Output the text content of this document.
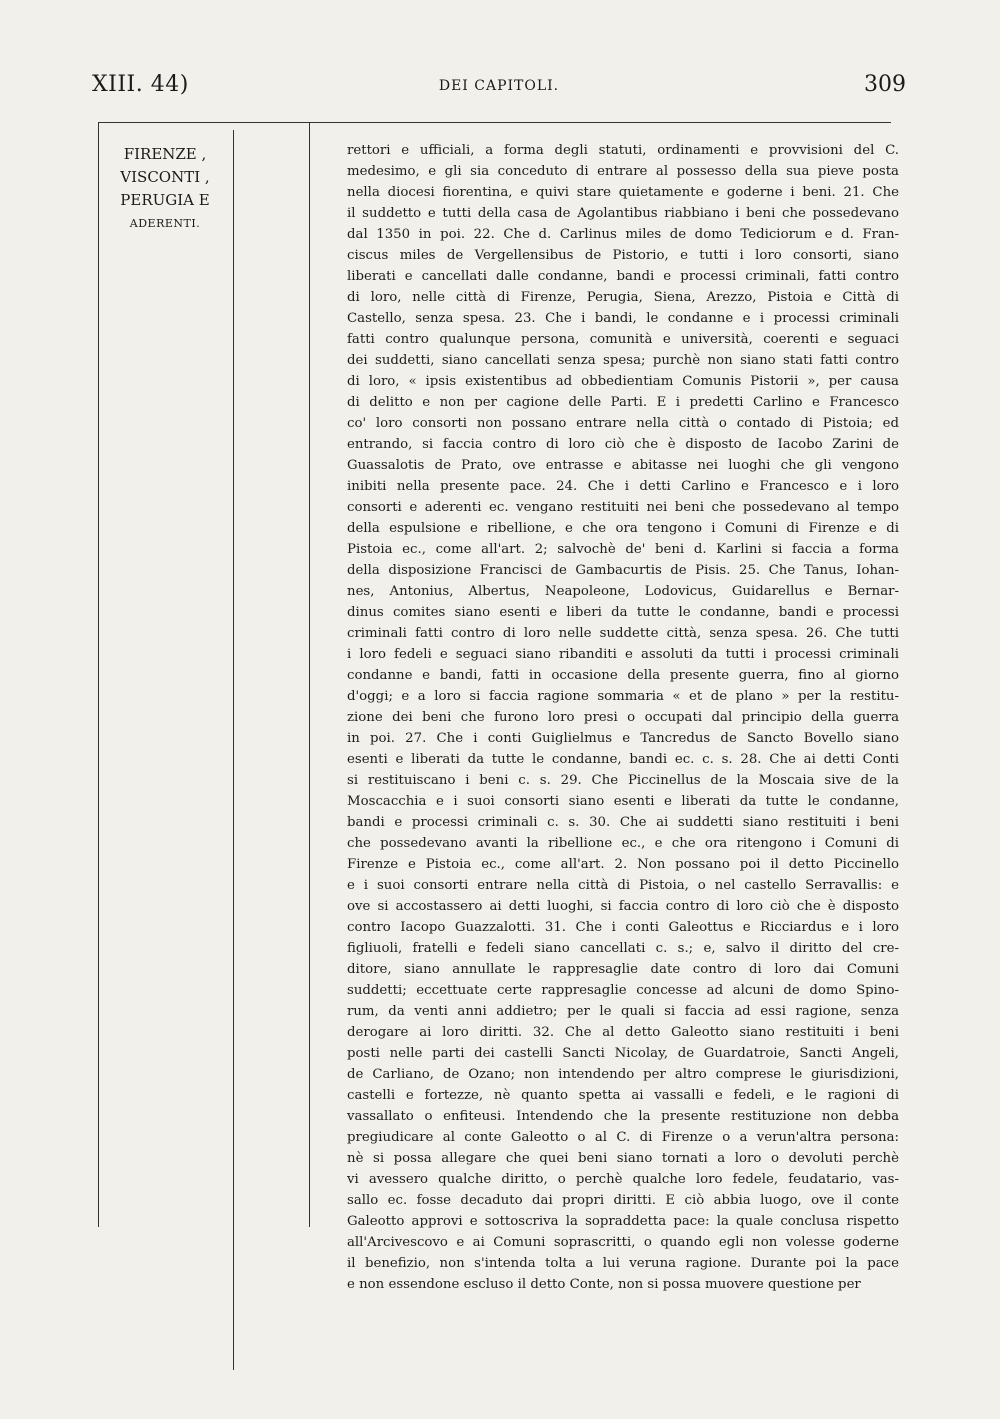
XIII. 44)	DEI CAPITOLI.	309
FIRENZE ,
VISCONTI ,
PERUGIA E
ADERENTI.
rettori e ufficiali, a forma degli statuti, ordinamenti e provvisioni del C.
medesimo, e gli sia conceduto di entrare al possesso della sua pieve posta
nella diocesi fiorentina, e quivi stare quietamente e goderne i beni. 21. Che
il suddetto e tutti della casa de Agolantibus riabbiano i beni che possedevano
dal 1350 in poi. 22. Che d. Carlinus miles de domo Tediciorum e d. Fran-
ciscus miles de Vergellensibus de Pistorio, e tutti i loro consorti, siano
liberati e cancellati dalle condanne, bandi e processi criminali, fatti contro
di loro, nelle città di Firenze, Perugia, Siena, Arezzo, Pistoia e Città di
Castello, senza spesa. 23. Che i bandi, le condanne e i processi criminali
fatti contro qualunque persona, comunità e università, coerenti e seguaci
dei suddetti, siano cancellati senza spesa; purchè non siano stati fatti contro
di loro, « ipsis existentibus ad obbedientiam Comunis Pistorii », per causa
di delitto e non per cagione delle Parti. E i predetti Carlino e Francesco
co' loro consorti non possano entrare nella città o contado di Pistoia; ed
entrando, si faccia contro di loro ciò che è disposto de Iacobo Zarini de
Guassalotis de Prato, ove entrasse e abitasse nei luoghi che gli vengono
inibiti nella presente pace. 24. Che i detti Carlino e Francesco e i loro
consorti e aderenti ec. vengano restituiti nei beni che possedevano al tempo
della espulsione e ribellione, e che ora tengono i Comuni di Firenze e di
Pistoia ec., come all'art. 2; salvochè de' beni d. Karlini si faccia a forma
della disposizione Francisci de Gambacurtis de Pisis. 25. Che Tanus, Iohan-
nes, Antonius, Albertus, Neapoleone, Lodovicus, Guidarellus e Bernar-
dinus comites siano esenti e liberi da tutte le condanne, bandi e processi
criminali fatti contro di loro nelle suddette città, senza spesa. 26. Che tutti
i loro fedeli e seguaci siano ribanditi e assoluti da tutti i processi criminali
condanne e bandi, fatti in occasione della presente guerra, fino al giorno
d'oggi; e a loro si faccia ragione sommaria « et de plano » per la restitu-
zione dei beni che furono loro presi o occupati dal principio della guerra
in poi. 27. Che i conti Guiglielmus e Tancredus de Sancto Bovello siano
esenti e liberati da tutte le condanne, bandi ec. c. s. 28. Che ai detti Conti
si restituiscano i beni c. s. 29. Che Piccinellus de la Moscaia sive de la
Moscacchia e i suoi consorti siano esenti e liberati da tutte le condanne,
bandi e processi criminali c. s. 30. Che ai suddetti siano restituiti i beni
che possedevano avanti la ribellione ec., e che ora ritengono i Comuni di
Firenze e Pistoia ec., come all'art. 2. Non possano poi il detto Piccinello
e i suoi consorti entrare nella città di Pistoia, o nel castello Serravallis: e
ove si accostassero ai detti luoghi, si faccia contro di loro ciò che è disposto
contro Iacopo Guazzalotti. 31. Che i conti Galeottus e Ricciardus e i loro
figliuoli, fratelli e fedeli siano cancellati c. s.; e, salvo il diritto del cre-
ditore, siano annullate le rappresaglie date contro di loro dai Comuni
suddetti; eccettuate certe rappresaglie concesse ad alcuni de domo Spino-
rum, da venti anni addietro; per le quali si faccia ad essi ragione, senza
derogare ai loro diritti. 32. Che al detto Galeotto siano restituiti i beni
posti nelle parti dei castelli Sancti Nicolay, de Guardatroie, Sancti Angeli,
de Carliano, de Ozano; non intendendo per altro comprese le giurisdizioni,
castelli e fortezze, nè quanto spetta ai vassalli e fedeli, e le ragioni di
vassallato o enfiteusi. Intendendo che la presente restituzione non debba
pregiudicare al conte Galeotto o al C. di Firenze o a verun'altra persona:
nè si possa allegare che quei beni siano tornati a loro o devoluti perchè
vi avessero qualche diritto, o perchè qualche loro fedele, feudatario, vas-
sallo ec. fosse decaduto dai propri diritti. E ciò abbia luogo, ove il conte
Galeotto approvi e sottoscriva la sopraddetta pace: la quale conclusa rispetto
all'Arcivescovo e ai Comuni soprascritti, o quando egli non volesse goderne
il benefizio, non s'intenda tolta a lui veruna ragione. Durante poi la pace
e non essendone escluso il detto Conte, non si possa muovere questione per
